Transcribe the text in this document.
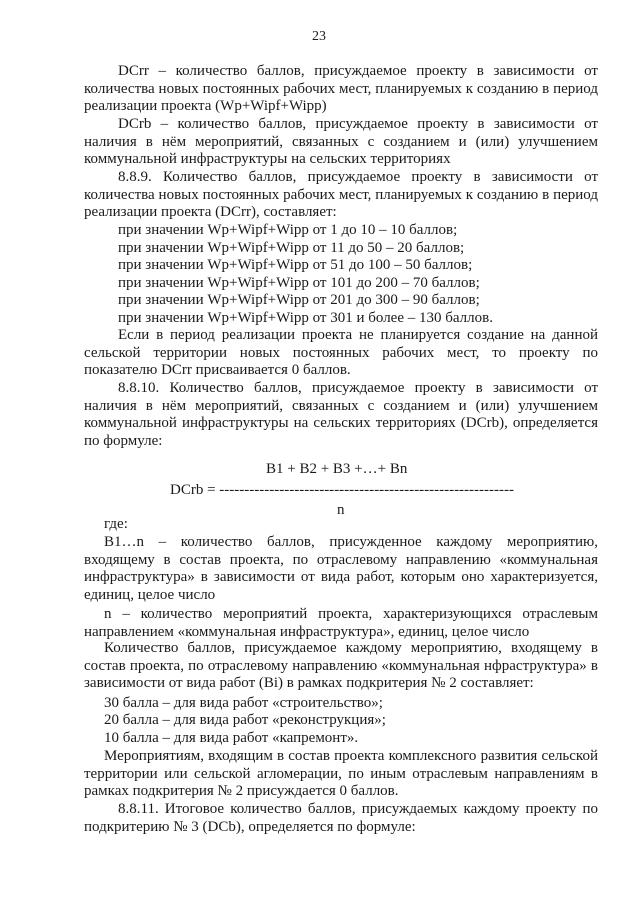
23

DCrr – количество баллов, присуждаемое проекту в зависимости от количества новых постоянных рабочих мест, планируемых к созданию в период реализации проекта (Wp+Wipf+Wipp)

DCrb – количество баллов, присуждаемое проекту в зависимости от наличия в нём мероприятий, связанных с созданием и (или) улучшением коммунальной инфраструктуры на сельских территориях

8.8.9. Количество баллов, присуждаемое проекту в зависимости от количества новых постоянных рабочих мест, планируемых к созданию в период реализации проекта (DCrr), составляет:

при значении Wp+Wipf+Wipp от 1 до 10 – 10 баллов;
при значении Wp+Wipf+Wipp от 11 до 50 – 20 баллов;
при значении Wp+Wipf+Wipp от 51 до 100 – 50 баллов;
при значении Wp+Wipf+Wipp от 101 до 200 – 70 баллов;
при значении Wp+Wipf+Wipp от 201 до 300 – 90 баллов;
при значении Wp+Wipf+Wipp от 301 и более – 130 баллов.

Если в период реализации проекта не планируется создание на данной сельской территории новых постоянных рабочих мест, то проекту по показателю DCrr присваивается 0 баллов.

8.8.10. Количество баллов, присуждаемое проекту в зависимости от наличия в нём мероприятий, связанных с созданием и (или) улучшением коммунальной инфраструктуры на сельских территориях (DCrb), определяется по формуле:

B1 + B2 + B3 +…+ Bn
DCrb = -----------------------------------------------------------
n

где:

B1…n – количество баллов, присужденное каждому мероприятию, входящему в состав проекта, по отраслевому направлению «коммунальная инфраструктура» в зависимости от вида работ, которым оно характеризуется, единиц, целое число

n – количество мероприятий проекта, характеризующихся отраслевым направлением «коммунальная инфраструктура», единиц, целое число

Количество баллов, присуждаемое каждому мероприятию, входящему в состав проекта, по отраслевому направлению «коммунальная нфраструктура» в зависимости от вида работ (Bi) в рамках подкритерия № 2 составляет:

30 балла – для вида работ «строительство»;
20 балла – для вида работ «реконструкция»;
10 балла – для вида работ «капремонт».

Мероприятиям, входящим в состав проекта комплексного развития сельской территории или сельской агломерации, по иным отраслевым направлениям в рамках подкритерия № 2 присуждается 0 баллов.

8.8.11. Итоговое количество баллов, присуждаемых каждому проекту по подкритерию № 3 (DCb), определяется по формуле:
